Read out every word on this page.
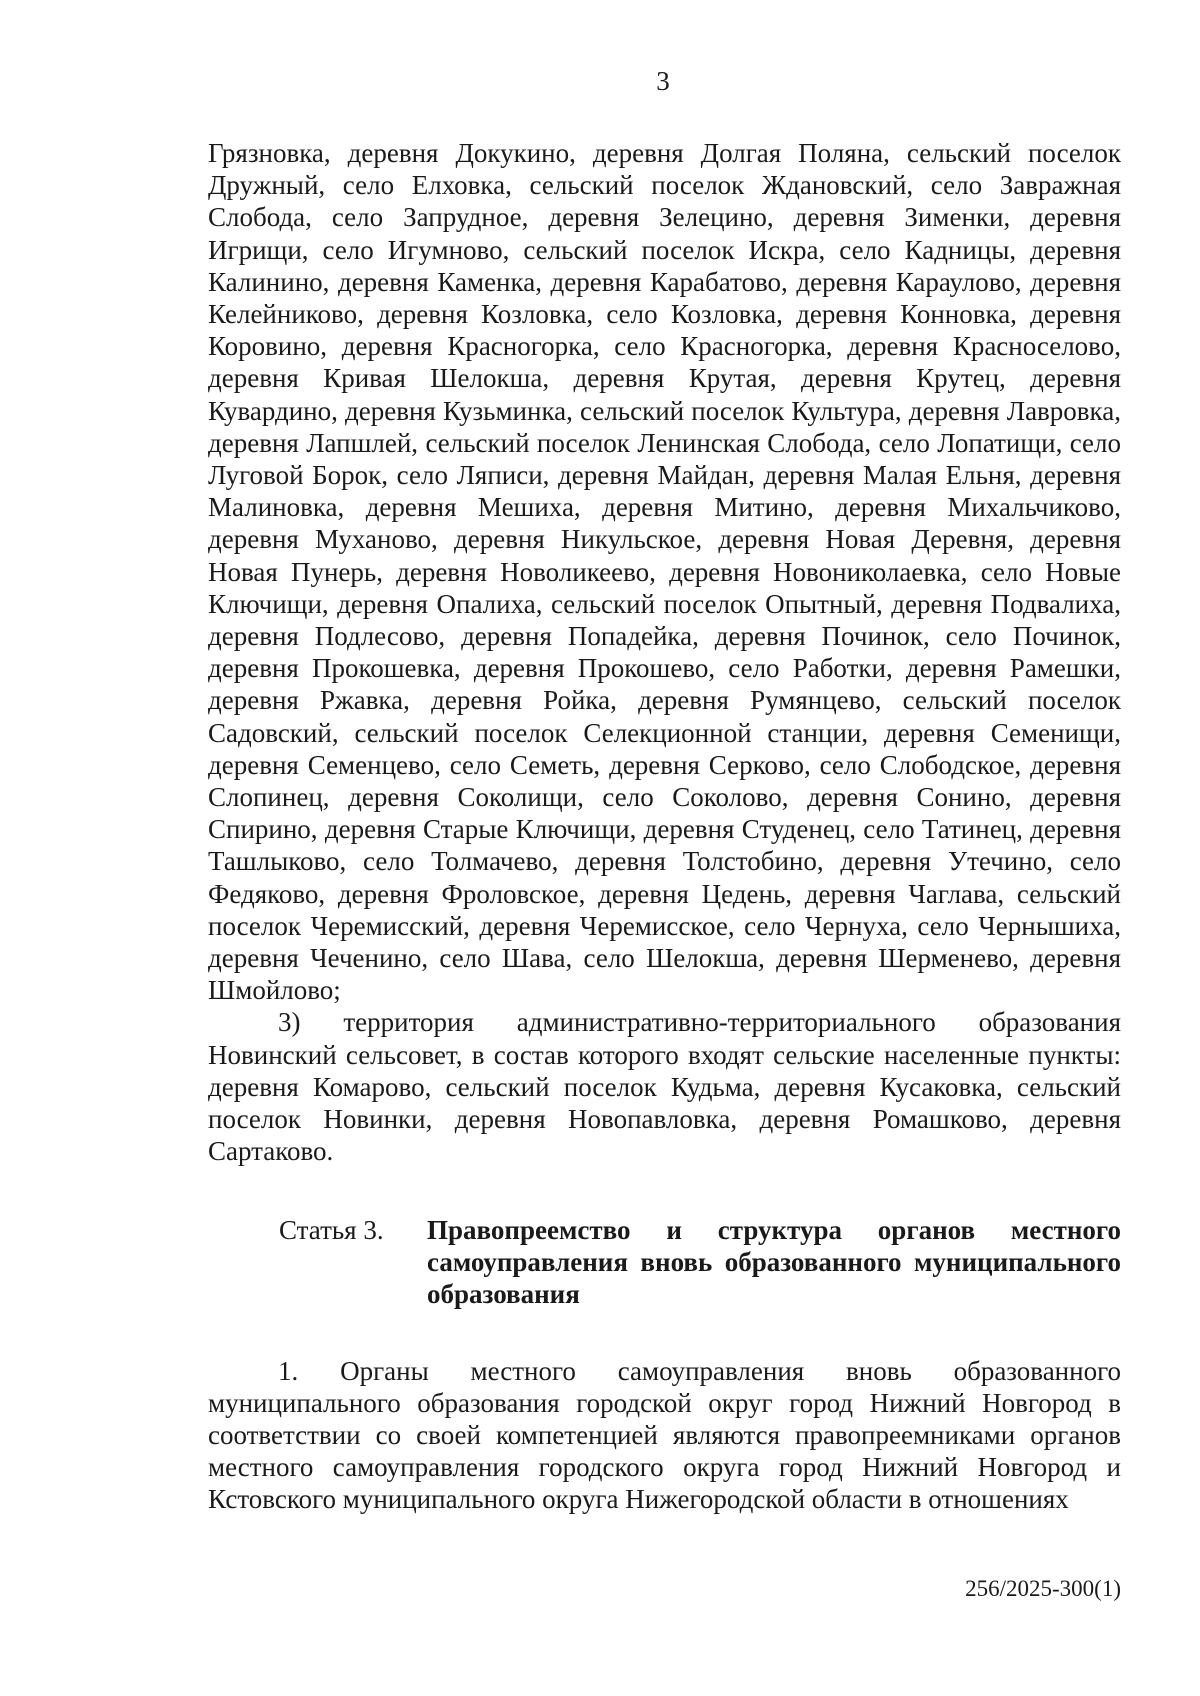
3

Грязновка, деревня Докукино, деревня Долгая Поляна, сельский поселок Дружный, село Елховка, сельский поселок Ждановский, село Завражная Слобода, село Запрудное, деревня Зелецино, деревня Зименки, деревня Игрищи, село Игумново, сельский поселок Искра, село Кадницы, деревня Калинино, деревня Каменка, деревня Карабатово, деревня Караулово, деревня Келейниково, деревня Козловка, село Козловка, деревня Конновка, деревня Коровино, деревня Красногорка, село Красногорка, деревня Красноселово, деревня Кривая Шелокша, деревня Крутая, деревня Крутец, деревня Кувардино, деревня Кузьминка, сельский поселок Культура, деревня Лавровка, деревня Лапшлей, сельский поселок Ленинская Слобода, село Лопатищи, село Луговой Борок, село Ляписи, деревня Майдан, деревня Малая Ельня, деревня Малиновка, деревня Мешиха, деревня Митино, деревня Михальчиково, деревня Муханово, деревня Никульское, деревня Новая Деревня, деревня Новая Пунерь, деревня Новоликеево, деревня Новониколаевка, село Новые Ключищи, деревня Опалиха, сельский поселок Опытный, деревня Подвалиха, деревня Подлесово, деревня Попадейка, деревня Починок, село Починок, деревня Прокошевка, деревня Прокошево, село Работки, деревня Рамешки, деревня Ржавка, деревня Ройка, деревня Румянцево, сельский поселок Садовский, сельский поселок Селекционной станции, деревня Семенищи, деревня Семенцево, село Семеть, деревня Серково, село Слободское, деревня Слопинец, деревня Соколищи, село Соколово, деревня Сонино, деревня Спирино, деревня Старые Ключищи, деревня Студенец, село Татинец, деревня Ташлыково, село Толмачево, деревня Толстобино, деревня Утечино, село Федяково, деревня Фроловское, деревня Цедень, деревня Чаглава, сельский поселок Черемисский, деревня Черемисское, село Чернуха, село Чернышиха, деревня Чеченино, село Шава, село Шелокша, деревня Шерменево, деревня Шмойлово;

3) территория административно-территориального образования Новинский сельсовет, в состав которого входят сельские населенные пункты: деревня Комарово, сельский поселок Кудьма, деревня Кусаковка, сельский поселок Новинки, деревня Новопавловка, деревня Ромашково, деревня Сартаково.

Статья 3. Правопреемство и структура органов местного самоуправления вновь образованного муниципального образования

1. Органы местного самоуправления вновь образованного муниципального образования городской округ город Нижний Новгород в соответствии со своей компетенцией являются правопреемниками органов местного самоуправления городского округа город Нижний Новгород и Кстовского муниципального округа Нижегородской области в отношениях

256/2025-300(1)
